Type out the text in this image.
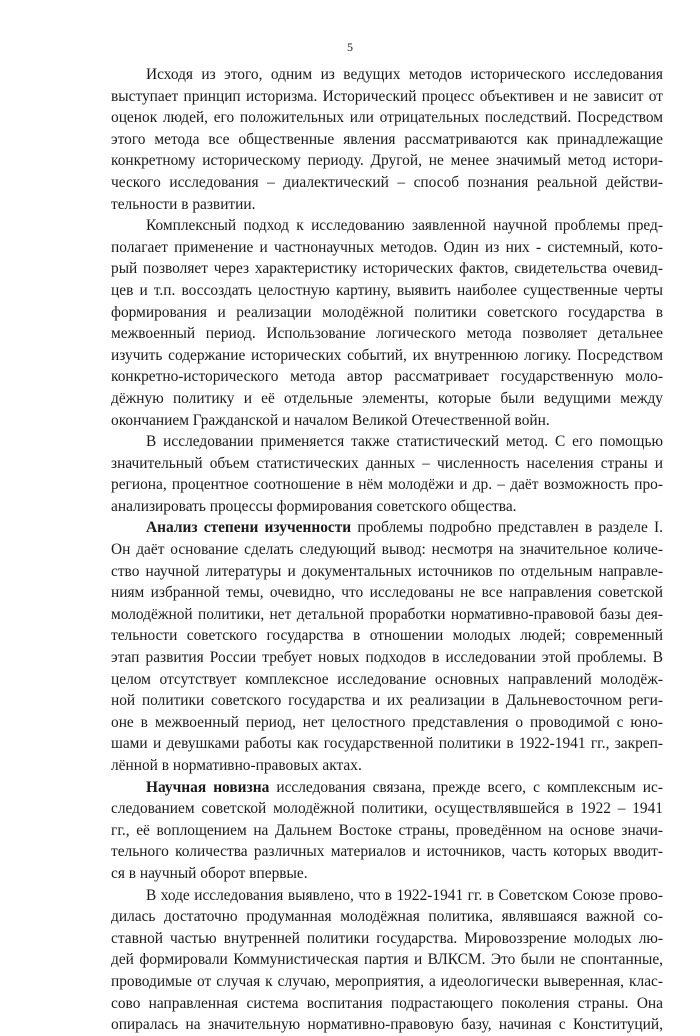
5
Исходя из этого, одним из ведущих методов исторического исследования
выступает принцип историзма. Исторический процесс объективен и не зависит от
оценок людей, его положительных или отрицательных последствий. Посредством
этого метода все общественные явления рассматриваются как принадлежащие
конкретному историческому периоду. Другой, не менее значимый метод истори-
ческого исследования – диалектический – способ познания реальной действи-
тельности в развитии.
Комплексный подход к исследованию заявленной научной проблемы пред-
полагает применение и частнонаучных методов. Один из них - системный, кото-
рый позволяет через характеристику исторических фактов, свидетельства очевид-
цев и т.п. воссоздать целостную картину, выявить наиболее существенные черты
формирования и реализации молодёжной политики советского государства в
межвоенный период. Использование логического метода позволяет детальнее
изучить содержание исторических событий, их внутреннюю логику. Посредством
конкретно-исторического метода автор рассматривает государственную моло-
дёжную политику и её отдельные элементы, которые были ведущими между
окончанием Гражданской и началом Великой Отечественной войн.
В исследовании применяется также статистический метод. С его помощью
значительный объем статистических данных – численность населения страны и
региона, процентное соотношение в нём молодёжи и др. – даёт возможность про-
анализировать процессы формирования советского общества.
Анализ степени изученности проблемы подробно представлен в разделе I.
Он даёт основание сделать следующий вывод: несмотря на значительное количе-
ство научной литературы и документальных источников по отдельным направле-
ниям избранной темы, очевидно, что исследованы не все направления советской
молодёжной политики, нет детальной проработки нормативно-правовой базы дея-
тельности советского государства в отношении молодых людей; современный
этап развития России требует новых подходов в исследовании этой проблемы. В
целом отсутствует комплексное исследование основных направлений молодёж-
ной политики советского государства и их реализации в Дальневосточном реги-
оне в межвоенный период, нет целостного представления о проводимой с юно-
шами и девушками работы как государственной политики в 1922-1941 гг., закреп-
лённой в нормативно-правовых актах.
Научная новизна исследования связана, прежде всего, с комплексным ис-
следованием советской молодёжной политики, осуществлявшейся в 1922 – 1941
гг., её воплощением на Дальнем Востоке страны, проведённом на основе значи-
тельного количества различных материалов и источников, часть которых вводит-
ся в научный оборот впервые.
В ходе исследования выявлено, что в 1922-1941 гг. в Советском Союзе прово-
дилась достаточно продуманная молодёжная политика, являвшаяся важной со-
ставной частью внутренней политики государства. Мировоззрение молодых лю-
дей формировали Коммунистическая партия и ВЛКСМ. Это были не спонтанные,
проводимые от случая к случаю, мероприятия, а идеологически выверенная, клас-
сово направленная система воспитания подрастающего поколения страны. Она
опиралась на значительную нормативно-правовую базу, начиная с Конституций,
